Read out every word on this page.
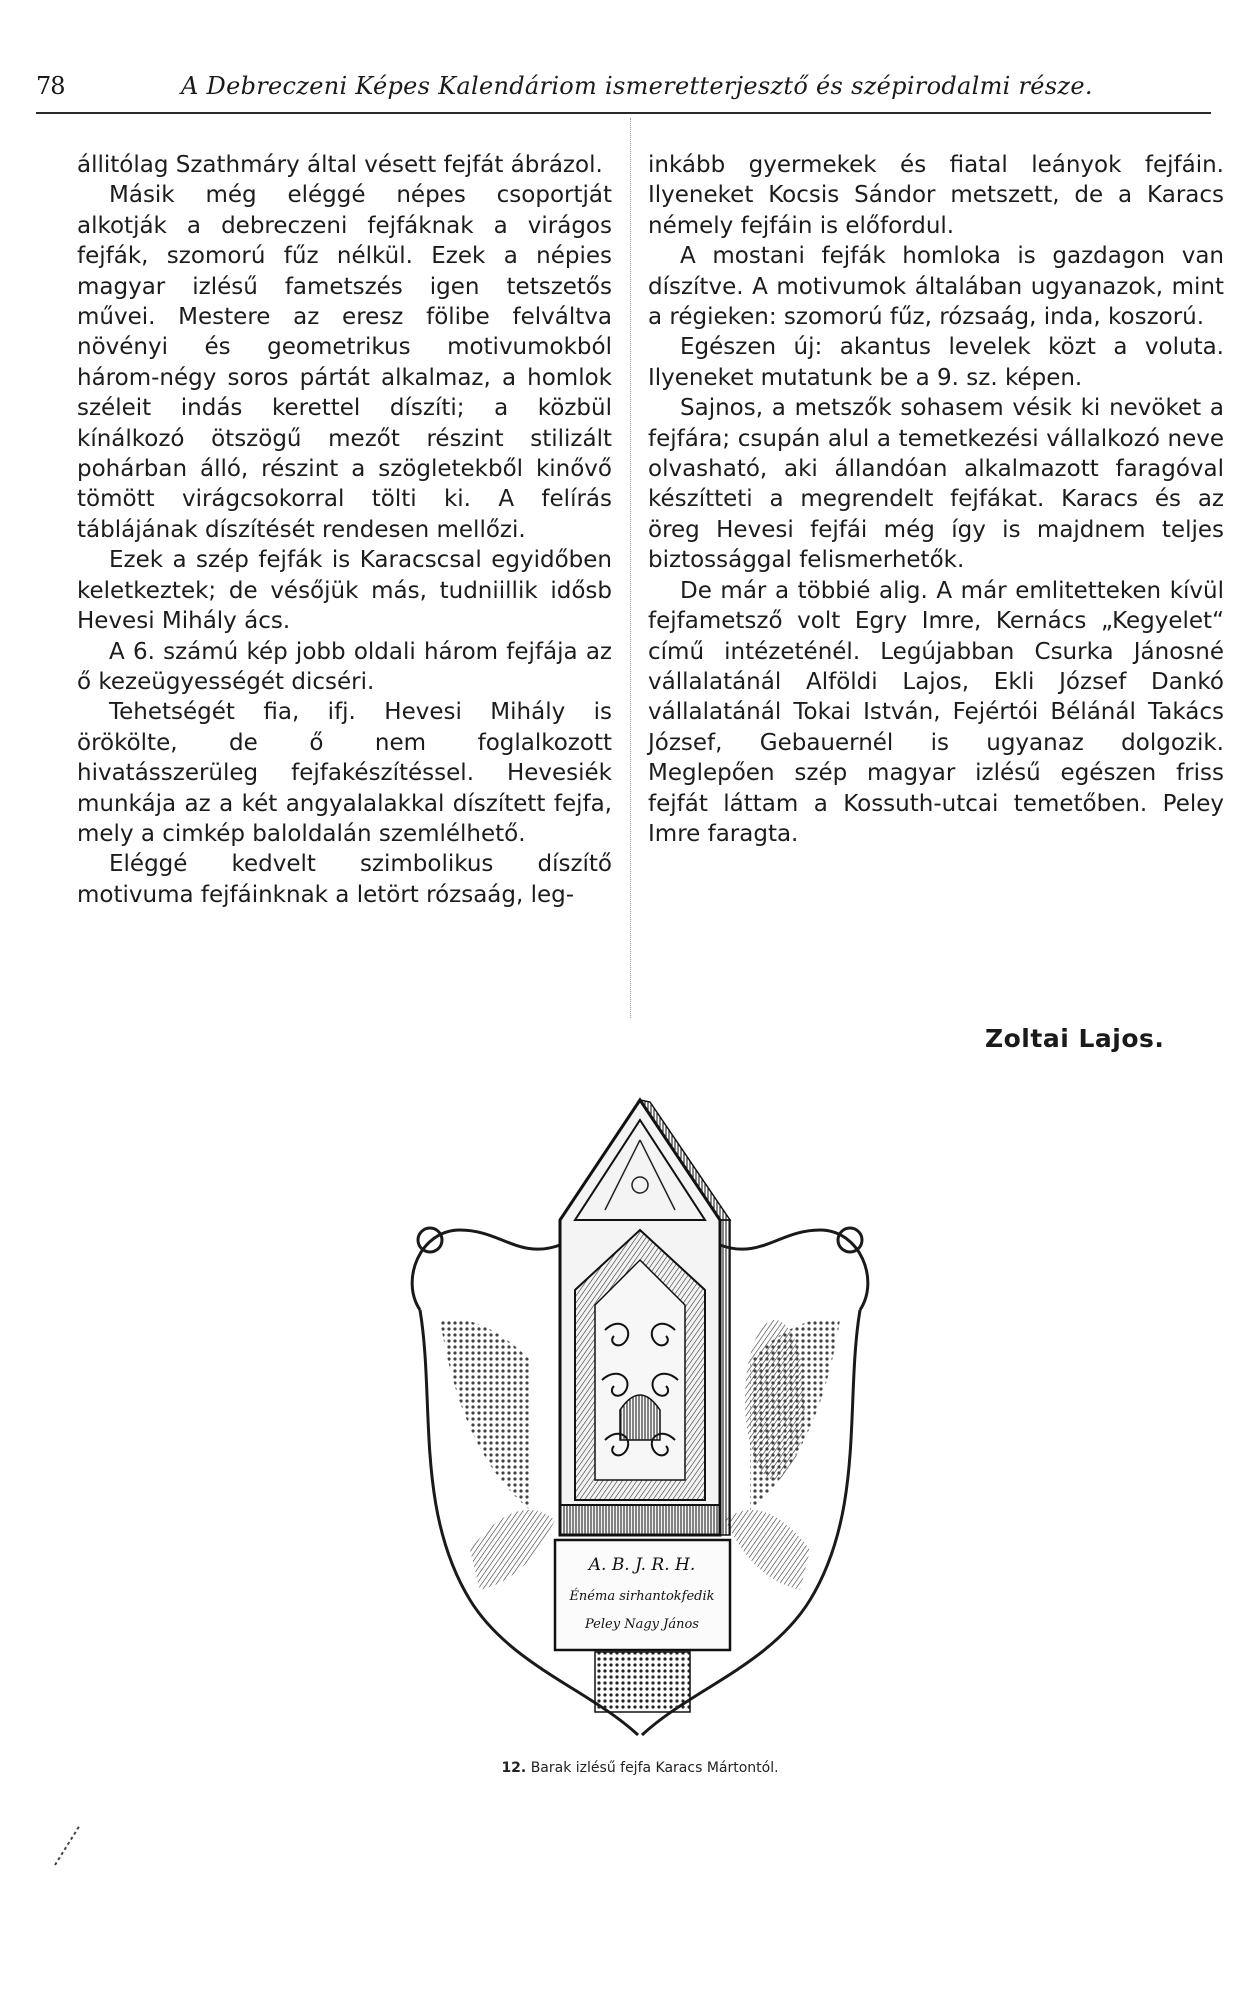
78	A Debreczeni Képes Kalendáriom ismeretterjesztő és szépirodalmi része.

állitólag Szathmáry által vésett fejfát ábrázol.

Másik még eléggé népes csoportját alkotják a debreczeni fejfáknak a virágos fejfák, szomorú fűz nélkül. Ezek a népies magyar izlésű fametszés igen tetszetős művei. Mestere az eresz fölibe felváltva növényi és geometrikus motivumokból három-négy soros pártát alkalmaz, a homlok széleit indás kerettel díszíti; a közbül kínálkozó ötszögű mezőt részint stilizált pohárban álló, részint a szögletekből kinővő tömött virágcsokorral tölti ki. A felírás táblájának díszítését rendesen mellőzi.

Ezek a szép fejfák is Karacscsal egyidőben keletkeztek; de vésőjük más, tudniillik idősb Hevesi Mihály ács.

A 6. számú kép jobb oldali három fejfája az ő kezeügyességét dicséri.

Tehetségét fia, ifj. Hevesi Mihály is örökölte, de ő nem foglalkozott hivatásszerüleg fejfakészítéssel. Hevesiék munkája az a két angyalalakkal díszített fejfa, mely a cimkép baloldalán szemlélhető.

Eléggé kedvelt szimbolikus díszítő motivuma fejfáinknak a letört rózsaág, leg-

inkább gyermekek és fiatal leányok fejfáin. Ilyeneket Kocsis Sándor metszett, de a Karacs némely fejfáin is előfordul.

A mostani fejfák homloka is gazdagon van díszítve. A motivumok általában ugyanazok, mint a régieken: szomorú fűz, rózsaág, inda, koszorú.

Egészen új: akantus levelek közt a voluta. Ilyeneket mutatunk be a 9. sz. képen.

Sajnos, a metszők sohasem vésik ki nevöket a fejfára; csupán alul a temetkezési vállalkozó neve olvasható, aki állandóan alkalmazott faragóval készítteti a megrendelt fejfákat. Karacs és az öreg Hevesi fejfái még így is majdnem teljes biztossággal felismerhetők.

De már a többié alig. A már emlitetteken kívül fejfametsző volt Egry Imre, Kernács „Kegyelet“ című intézeténél. Legújabban Csurka Jánosné vállalatánál Alföldi Lajos, Ekli József Dankó vállalatánál Tokai István, Fejértói Bélánál Takács József, Gebauernél is ugyanaz dolgozik. Meglepően szép magyar izlésű egészen friss fejfát láttam a Kossuth-utcai temetőben. Peley Imre faragta.

Zoltai Lajos.
A. B. J. R. H.
Énéma sirhantokfedik
Peley Nagy János
12. Barak izlésű fejfa Karacs Mártontól.
